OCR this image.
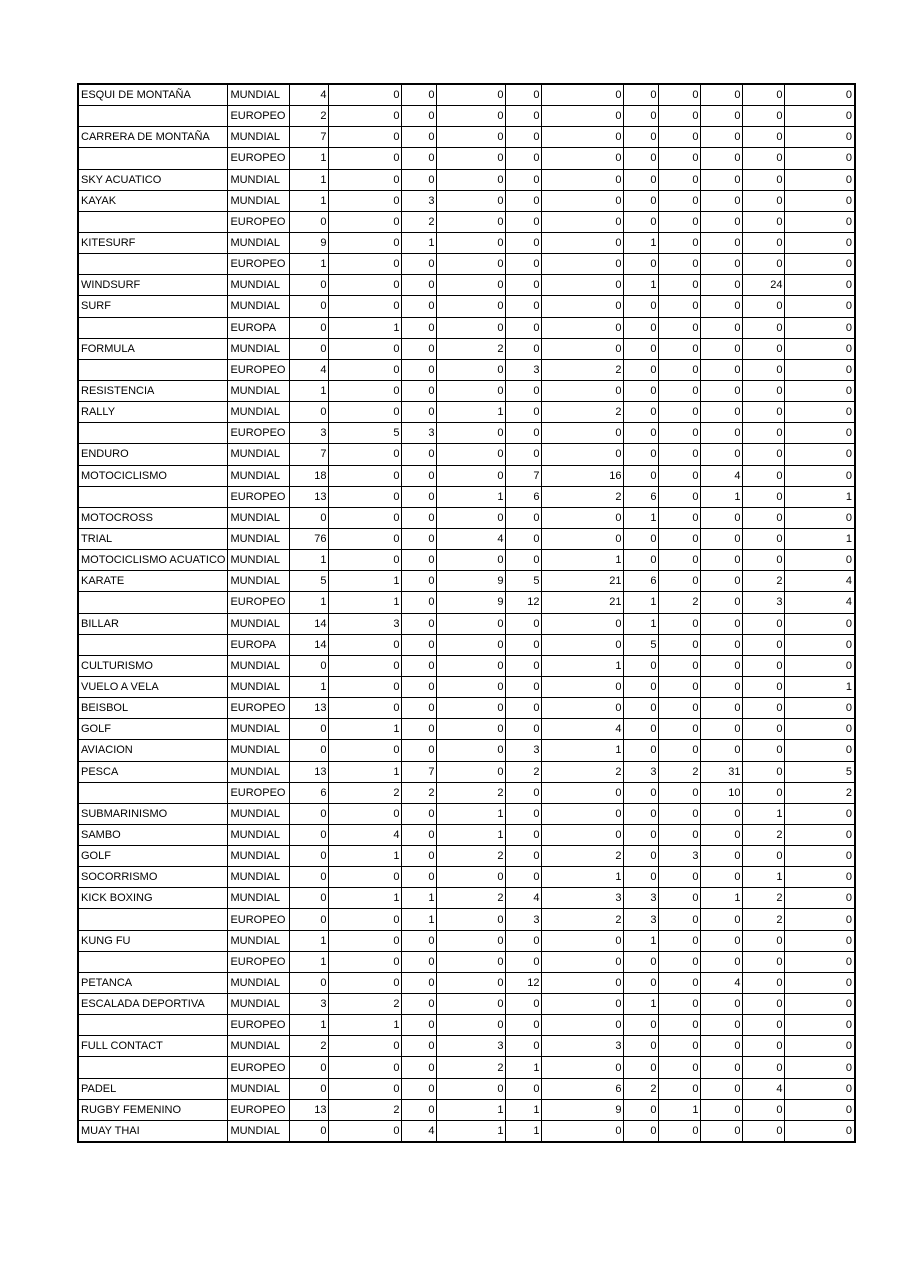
ESQUI DE MONTAÑA	MUNDIAL	4	0	0	0	0	0	0	0	0	0	0
	EUROPEO	2	0	0	0	0	0	0	0	0	0	0
CARRERA DE MONTAÑA	MUNDIAL	7	0	0	0	0	0	0	0	0	0	0
	EUROPEO	1	0	0	0	0	0	0	0	0	0	0
SKY ACUATICO	MUNDIAL	1	0	0	0	0	0	0	0	0	0	0
KAYAK	MUNDIAL	1	0	3	0	0	0	0	0	0	0	0
	EUROPEO	0	0	2	0	0	0	0	0	0	0	0
KITESURF	MUNDIAL	9	0	1	0	0	0	1	0	0	0	0
	EUROPEO	1	0	0	0	0	0	0	0	0	0	0
WINDSURF	MUNDIAL	0	0	0	0	0	0	1	0	0	24	0
SURF	MUNDIAL	0	0	0	0	0	0	0	0	0	0	0
	EUROPA	0	1	0	0	0	0	0	0	0	0	0
FORMULA	MUNDIAL	0	0	0	2	0	0	0	0	0	0	0
	EUROPEO	4	0	0	0	3	2	0	0	0	0	0
RESISTENCIA	MUNDIAL	1	0	0	0	0	0	0	0	0	0	0
RALLY	MUNDIAL	0	0	0	1	0	2	0	0	0	0	0
	EUROPEO	3	5	3	0	0	0	0	0	0	0	0
ENDURO	MUNDIAL	7	0	0	0	0	0	0	0	0	0	0
MOTOCICLISMO	MUNDIAL	18	0	0	0	7	16	0	0	4	0	0
	EUROPEO	13	0	0	1	6	2	6	0	1	0	1
MOTOCROSS	MUNDIAL	0	0	0	0	0	0	1	0	0	0	0
TRIAL	MUNDIAL	76	0	0	4	0	0	0	0	0	0	1
MOTOCICLISMO ACUATICO	MUNDIAL	1	0	0	0	0	1	0	0	0	0	0
KARATE	MUNDIAL	5	1	0	9	5	21	6	0	0	2	4
	EUROPEO	1	1	0	9	12	21	1	2	0	3	4
BILLAR	MUNDIAL	14	3	0	0	0	0	1	0	0	0	0
	EUROPA	14	0	0	0	0	0	5	0	0	0	0
CULTURISMO	MUNDIAL	0	0	0	0	0	1	0	0	0	0	0
VUELO A VELA	MUNDIAL	1	0	0	0	0	0	0	0	0	0	1
BEISBOL	EUROPEO	13	0	0	0	0	0	0	0	0	0	0
GOLF	MUNDIAL	0	1	0	0	0	4	0	0	0	0	0
AVIACION	MUNDIAL	0	0	0	0	3	1	0	0	0	0	0
PESCA	MUNDIAL	13	1	7	0	2	2	3	2	31	0	5
	EUROPEO	6	2	2	2	0	0	0	0	10	0	2
SUBMARINISMO	MUNDIAL	0	0	0	1	0	0	0	0	0	1	0
SAMBO	MUNDIAL	0	4	0	1	0	0	0	0	0	2	0
GOLF	MUNDIAL	0	1	0	2	0	2	0	3	0	0	0
SOCORRISMO	MUNDIAL	0	0	0	0	0	1	0	0	0	1	0
KICK BOXING	MUNDIAL	0	1	1	2	4	3	3	0	1	2	0
	EUROPEO	0	0	1	0	3	2	3	0	0	2	0
KUNG FU	MUNDIAL	1	0	0	0	0	0	1	0	0	0	0
	EUROPEO	1	0	0	0	0	0	0	0	0	0	0
PETANCA	MUNDIAL	0	0	0	0	12	0	0	0	4	0	0
ESCALADA DEPORTIVA	MUNDIAL	3	2	0	0	0	0	1	0	0	0	0
	EUROPEO	1	1	0	0	0	0	0	0	0	0	0
FULL CONTACT	MUNDIAL	2	0	0	3	0	3	0	0	0	0	0
	EUROPEO	0	0	0	2	1	0	0	0	0	0	0
PADEL	MUNDIAL	0	0	0	0	0	6	2	0	0	4	0
RUGBY FEMENINO	EUROPEO	13	2	0	1	1	9	0	1	0	0	0
MUAY THAI	MUNDIAL	0	0	4	1	1	0	0	0	0	0	0
